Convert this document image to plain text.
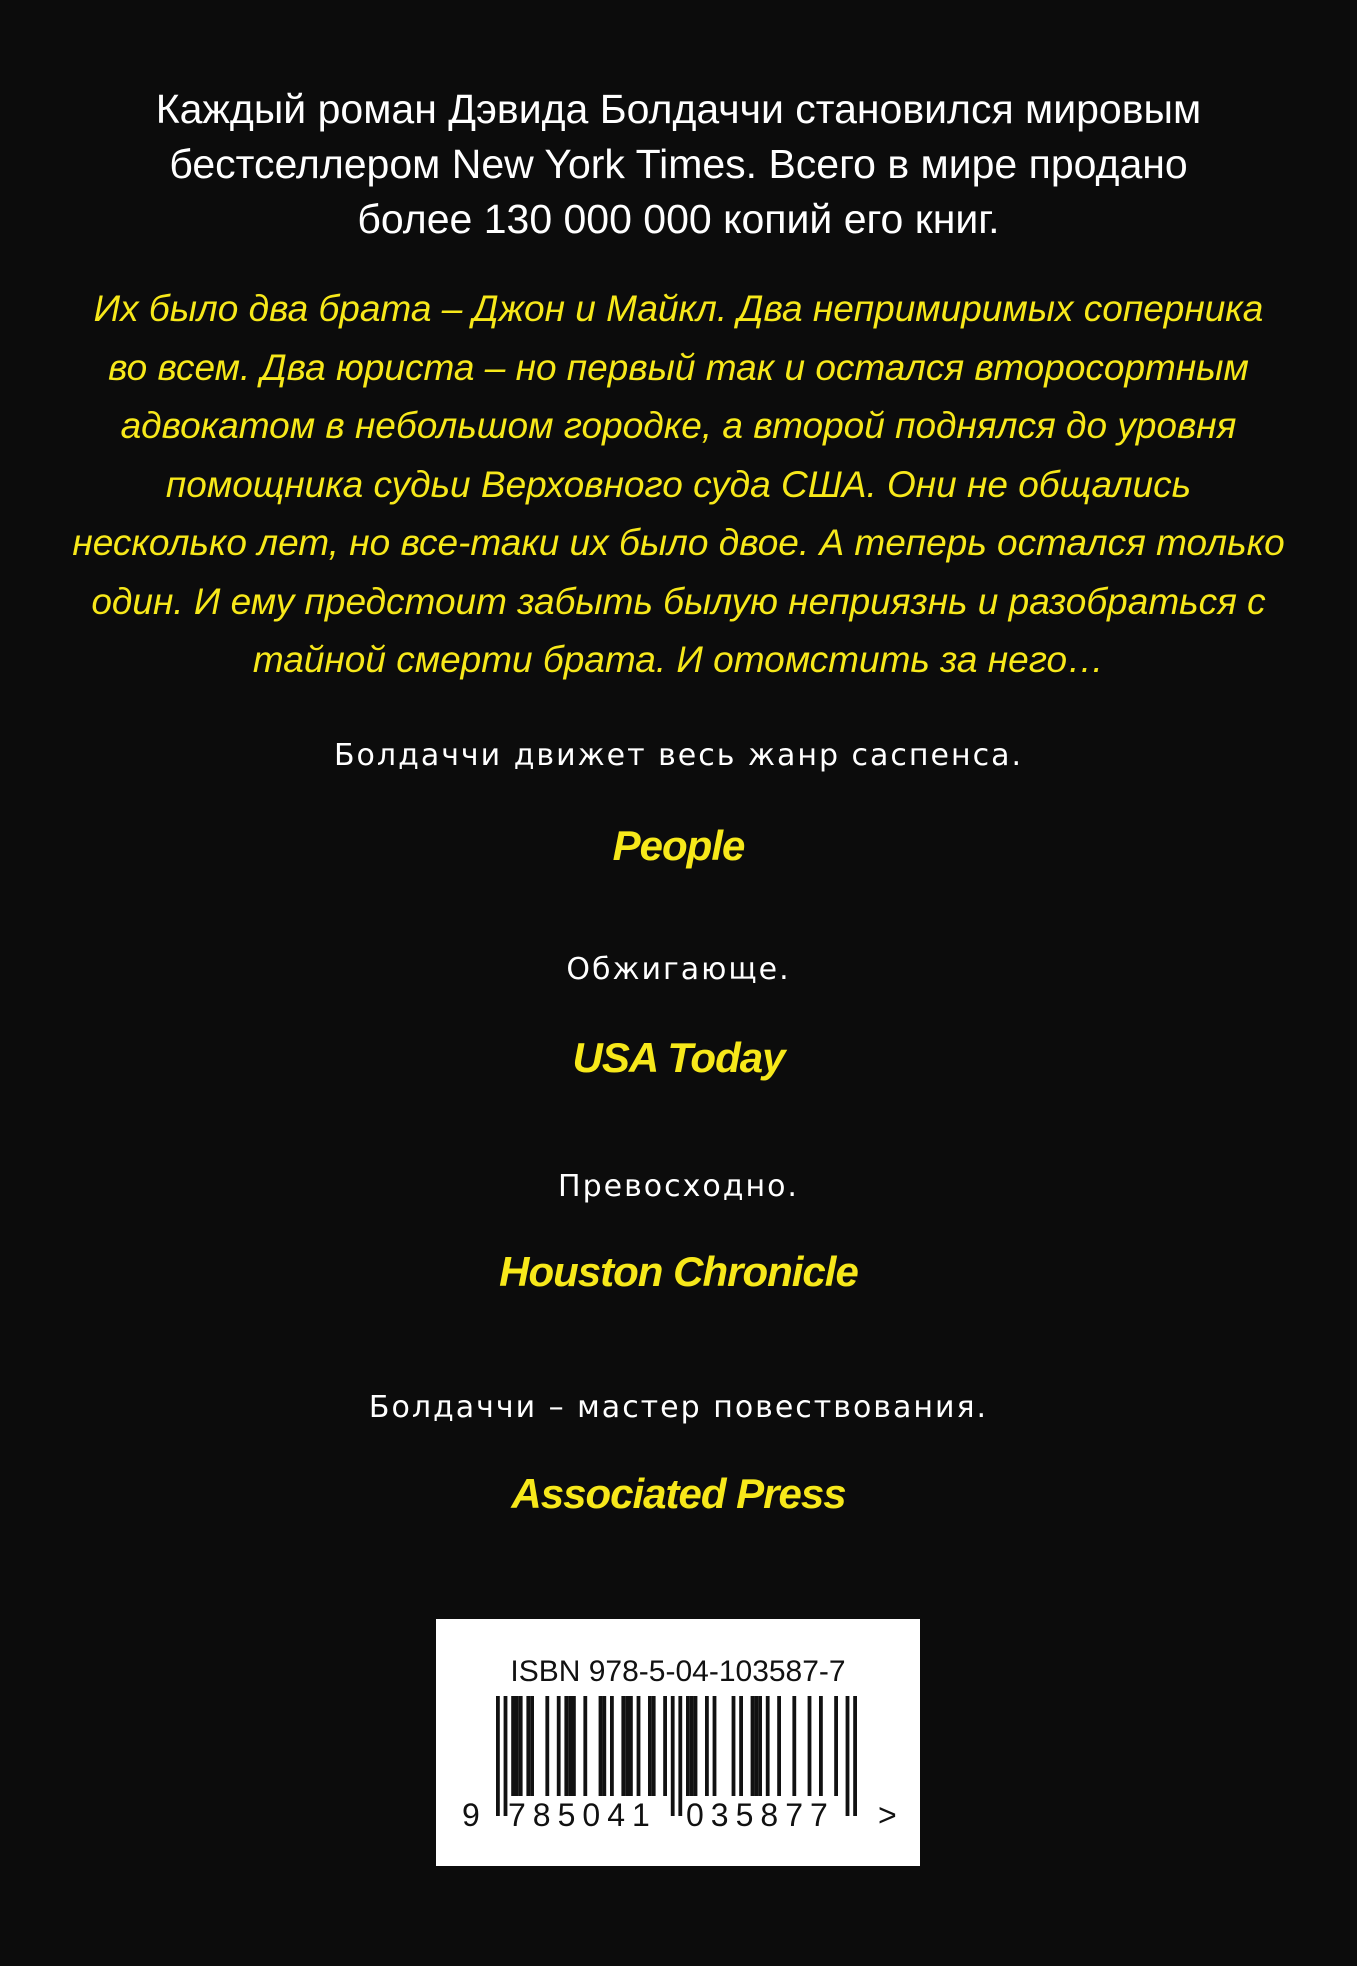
Каждый роман Дэвида Болдаччи становился мировым
бестселлером New York Times. Всего в мире продано
более 130 000 000 копий его книг.
Их было два брата – Джон и Майкл. Два непримиримых соперника
во всем. Два юриста – но первый так и остался второсортным
адвокатом в небольшом городке, а второй поднялся до уровня
помощника судьи Верховного суда США. Они не общались
несколько лет, но все-таки их было двое. А теперь остался только
один. И ему предстоит забыть былую неприязнь и разобраться с
тайной смерти брата. И отомстить за него…
Болдаччи движет весь жанр саспенса.
People
Обжигающе.
USA Today
Превосходно.
Houston Chronicle
Болдаччи – мастер повествования.
Associated Press
ISBN 978-5-04-103587-7
9 785041 035877 >
